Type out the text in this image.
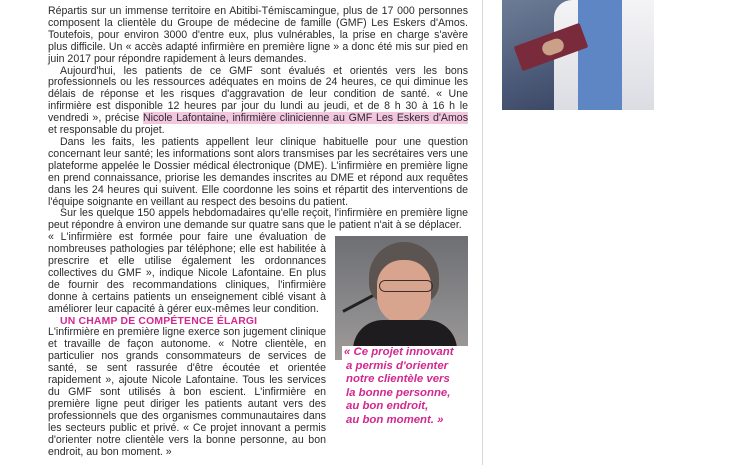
Répartis sur un immense territoire en Abitibi-Témiscamingue, plus de 17 000 personnes composent la clientèle du Groupe de médecine de famille (GMF) Les Eskers d'Amos. Toutefois, pour environ 3000 d'entre eux, plus vulnérables, la prise en charge s'avère plus difficile. Un « accès adapté infirmière en première ligne » a donc été mis sur pied en juin 2017 pour répondre rapidement à leurs demandes.

Aujourd'hui, les patients de ce GMF sont évalués et orientés vers les bons professionnels ou les ressources adéquates en moins de 24 heures, ce qui diminue les délais de réponse et les risques d'aggravation de leur condition de santé. « Une infirmière est disponible 12 heures par jour du lundi au jeudi, et de 8 h 30 à 16 h le vendredi », précise Nicole Lafontaine, infirmière clinicienne au GMF Les Eskers d'Amos et responsable du projet.

Dans les faits, les patients appellent leur clinique habituelle pour une question concernant leur santé; les informations sont alors transmises par les secrétaires vers une plateforme appelée le Dossier médical électronique (DME). L'infirmière en première ligne en prend connaissance, priorise les demandes inscrites au DME et répond aux requêtes dans les 24 heures qui suivent. Elle coordonne les soins et répartit des interventions de l'équipe soignante en veillant au respect des besoins du patient.

Sur les quelque 150 appels hebdomadaires qu'elle reçoit, l'infirmière en première ligne peut répondre à environ une demande sur quatre sans que le patient n'ait à se déplacer.

« L'infirmière est formée pour faire une évaluation de nombreuses pathologies par téléphone; elle est habilitée à prescrire et elle utilise également les ordonnances collectives du GMF », indique Nicole Lafontaine. En plus de fournir des recommandations cliniques, l'infirmière donne à certains patients un enseignement ciblé visant à améliorer leur capacité à gérer eux-mêmes leur condition.

UN CHAMP DE COMPÉTENCE ÉLARGI

L'infirmière en première ligne exerce son jugement clinique et travaille de façon autonome. « Notre clientèle, en particulier nos grands consommateurs de services de santé, se sent rassurée d'être écoutée et orientée rapidement », ajoute Nicole Lafontaine. Tous les services du GMF sont utilisés à bon escient. L'infirmière en première ligne peut diriger les patients autant vers des professionnels que des organismes communautaires dans les secteurs public et privé. « Ce projet innovant a permis d'orienter notre clientèle vers la bonne personne, au bon endroit, au bon moment. »

« Ce projet innovant
a permis d'orienter
notre clientèle vers
la bonne personne,
au bon endroit,
au bon moment. »
